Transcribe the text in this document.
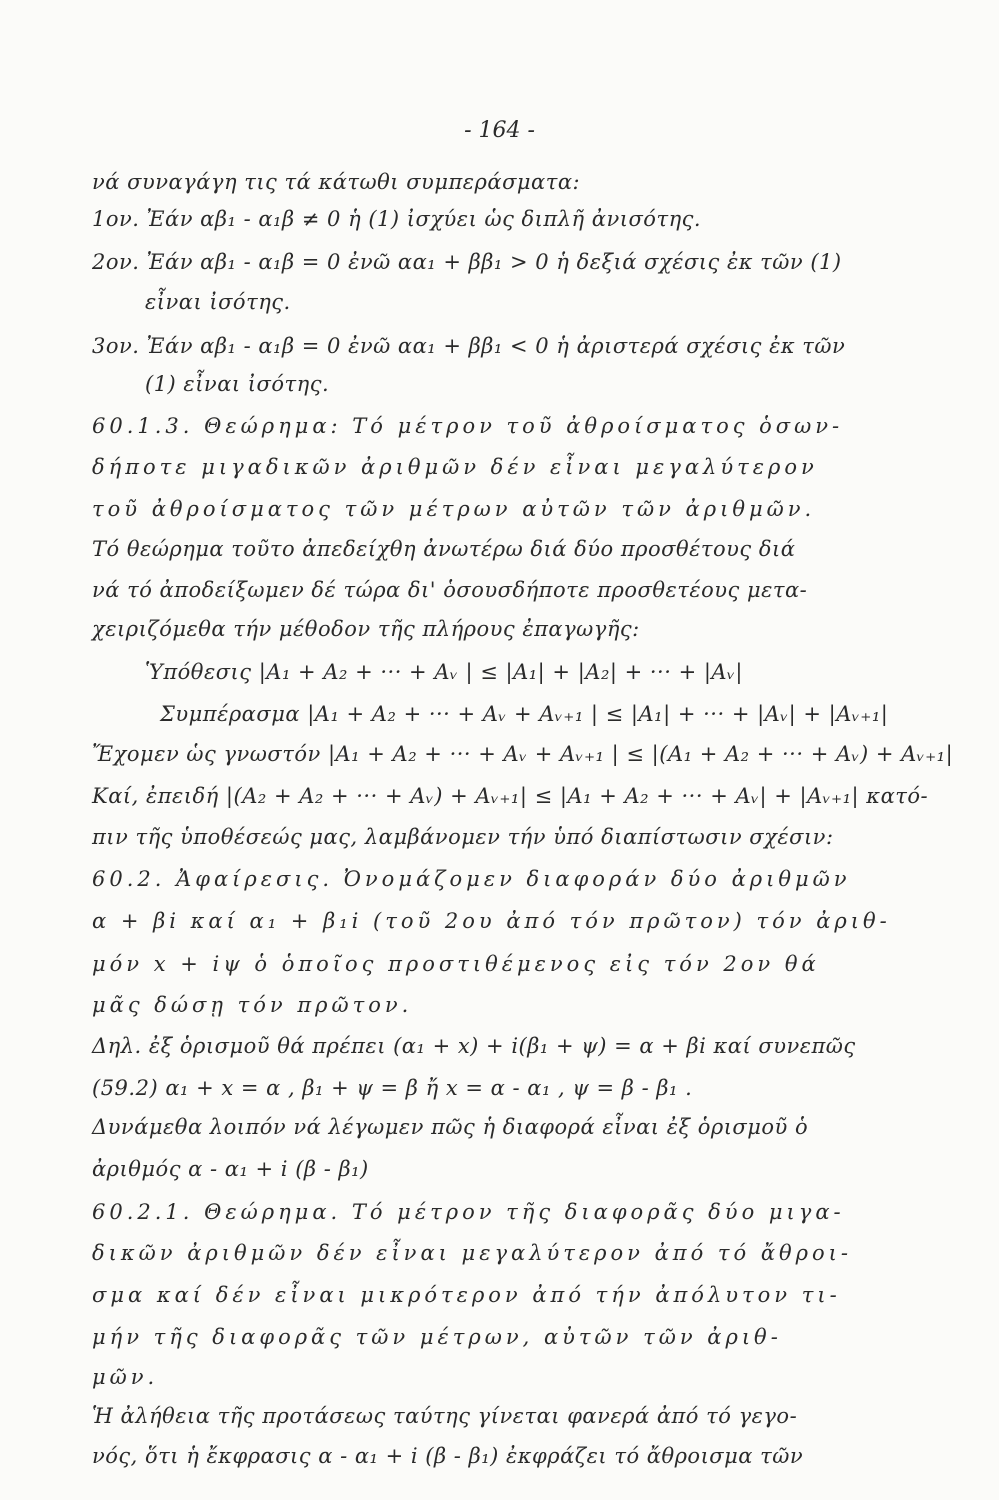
- 164 -
νά συναγάγη τις τά κάτωθι συμπεράσματα:
1ον. Ἐάν αβ₁ - α₁β ≠ 0 ἡ (1) ἰσχύει ὡς διπλῆ ἀνισότης.
2ον. Ἐάν αβ₁ - α₁β = 0 ἐνῶ αα₁ + ββ₁ > 0 ἡ δεξιά σχέσις ἐκ τῶν (1)
εἶναι ἰσότης.
3ον. Ἐάν αβ₁ - α₁β = 0 ἐνῶ αα₁ + ββ₁ < 0 ἡ ἀριστερά σχέσις ἐκ τῶν
(1) εἶναι ἰσότης.
60.1.3. Θεώρημα: Τό μέτρον τοῦ ἀθροίσματος ὁσων-
δήποτε μιγαδικῶν ἀριθμῶν δέν εἶναι μεγαλύτερον
τοῦ ἀθροίσματος τῶν μέτρων αὐτῶν τῶν ἀριθμῶν.
Τό θεώρημα τοῦτο ἀπεδείχθη ἀνωτέρω διά δύο προσθέτους διά
νά τό ἀποδείξωμεν δέ τώρα δι' ὁσουσδήποτε προσθετέους μετα-
χειριζόμεθα τήν μέθοδον τῆς πλήρους ἐπαγωγῆς:
Ὑπόθεσις |A₁ + A₂ + ··· + Aᵥ | ≤ |A₁| + |A₂| + ··· + |Aᵥ|
Συμπέρασμα |A₁ + A₂ + ··· + Aᵥ + Aᵥ₊₁ | ≤ |A₁| + ··· + |Aᵥ| + |Aᵥ₊₁|
Ἔχομεν ὡς γνωστόν |A₁ + A₂ + ··· + Aᵥ + Aᵥ₊₁ | ≤ |(A₁ + A₂ + ··· + Aᵥ) + Aᵥ₊₁|
Καί, ἐπειδή |(A₂ + A₂ + ··· + Aᵥ) + Aᵥ₊₁| ≤ |A₁ + A₂ + ··· + Aᵥ| + |Aᵥ₊₁| κατό-
πιν τῆς ὑποθέσεώς μας, λαμβάνομεν τήν ὑπό διαπίστωσιν σχέσιν:
60.2. Ἀφαίρεσις. Ὀνομάζομεν διαφοράν δύο ἀριθμῶν
α + βi καί α₁ + β₁i (τοῦ 2ου ἀπό τόν πρῶτον) τόν ἀριθ-
μόν x + iψ ὁ ὁποῖος προστιθέμενος εἰς τόν 2ον θά
μᾶς δώσῃ τόν πρῶτον.
Δηλ. ἐξ ὁρισμοῦ θά πρέπει (α₁ + x) + i(β₁ + ψ) = α + βi καί συνεπῶς
(59.2) α₁ + x = α , β₁ + ψ = β ἤ x = α - α₁ , ψ = β - β₁ .
Δυνάμεθα λοιπόν νά λέγωμεν πῶς ἡ διαφορά εἶναι ἐξ ὁρισμοῦ ὁ
ἀριθμός α - α₁ + i (β - β₁)
60.2.1. Θεώρημα. Τό μέτρον τῆς διαφορᾶς δύο μιγα-
δικῶν ἀριθμῶν δέν εἶναι μεγαλύτερον ἀπό τό ἄθροι-
σμα καί δέν εἶναι μικρότερον ἀπό τήν ἀπόλυτον τι-
μήν τῆς διαφορᾶς τῶν μέτρων, αὐτῶν τῶν ἀριθ-
μῶν.
Ἡ ἀλήθεια τῆς προτάσεως ταύτης γίνεται φανερά ἀπό τό γεγο-
νός, ὅτι ἡ ἔκφρασις α - α₁ + i (β - β₁) ἐκφράζει τό ἄθροισμα τῶν
